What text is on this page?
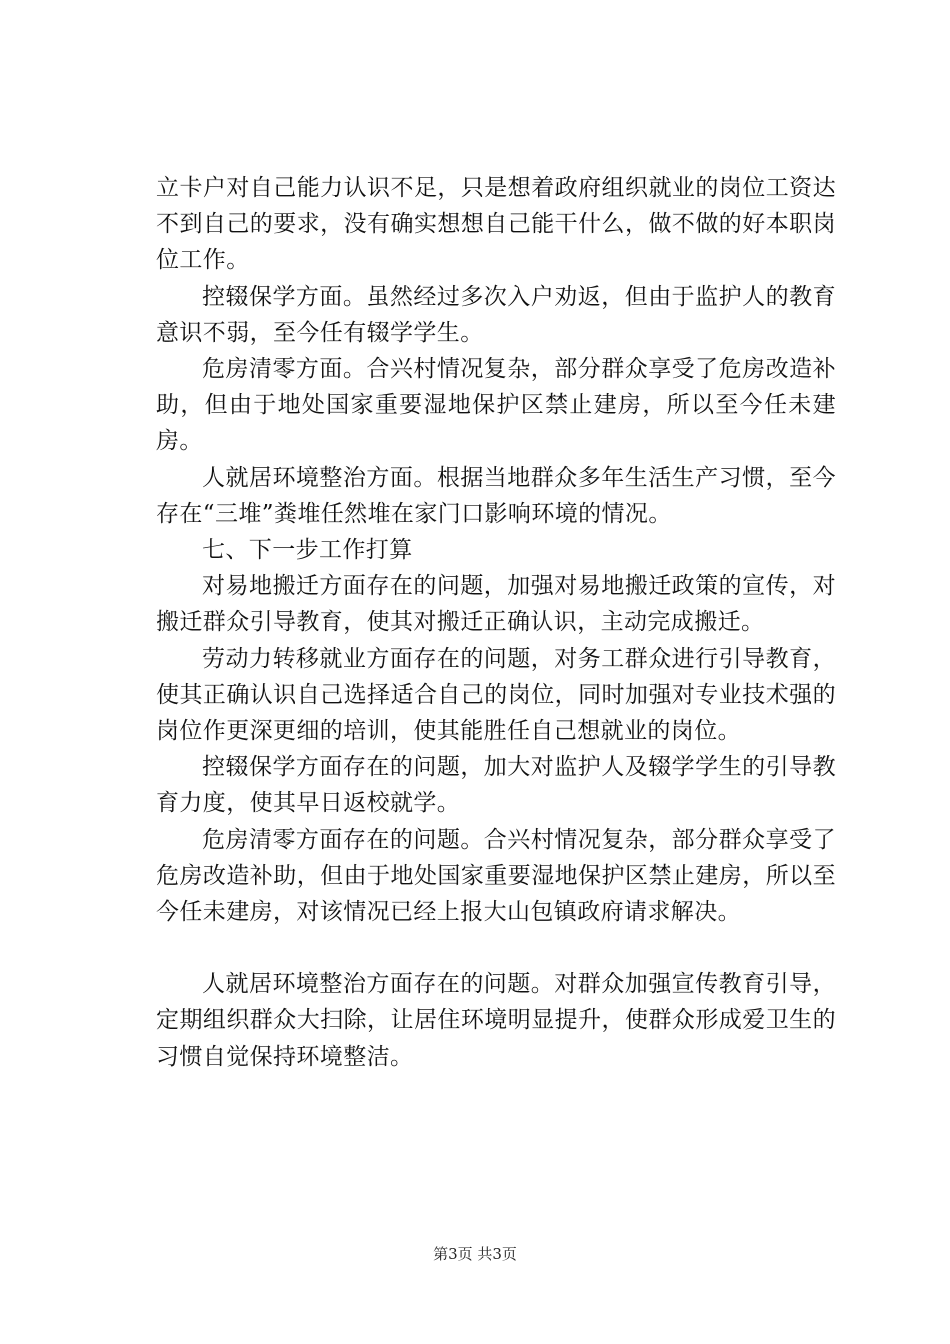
立卡户对自己能力认识不足，只是想着政府组织就业的岗位工资达不到自己的要求，没有确实想想自己能干什么，做不做的好本职岗位工作。

控辍保学方面。虽然经过多次入户劝返，但由于监护人的教育意识不弱，至今任有辍学学生。

危房清零方面。合兴村情况复杂，部分群众享受了危房改造补助，但由于地处国家重要湿地保护区禁止建房，所以至今任未建房。

人就居环境整治方面。根据当地群众多年生活生产习惯，至今存在“三堆”粪堆任然堆在家门口影响环境的情况。

七、下一步工作打算

对易地搬迁方面存在的问题，加强对易地搬迁政策的宣传，对搬迁群众引导教育，使其对搬迁正确认识，主动完成搬迁。

劳动力转移就业方面存在的问题，对务工群众进行引导教育，使其正确认识自己选择适合自己的岗位，同时加强对专业技术强的岗位作更深更细的培训，使其能胜任自己想就业的岗位。

控辍保学方面存在的问题，加大对监护人及辍学学生的引导教育力度，使其早日返校就学。

危房清零方面存在的问题。合兴村情况复杂，部分群众享受了危房改造补助，但由于地处国家重要湿地保护区禁止建房，所以至今任未建房，对该情况已经上报大山包镇政府请求解决。

人就居环境整治方面存在的问题。对群众加强宣传教育引导，定期组织群众大扫除，让居住环境明显提升，使群众形成爱卫生的习惯自觉保持环境整洁。

第3页 共3页
